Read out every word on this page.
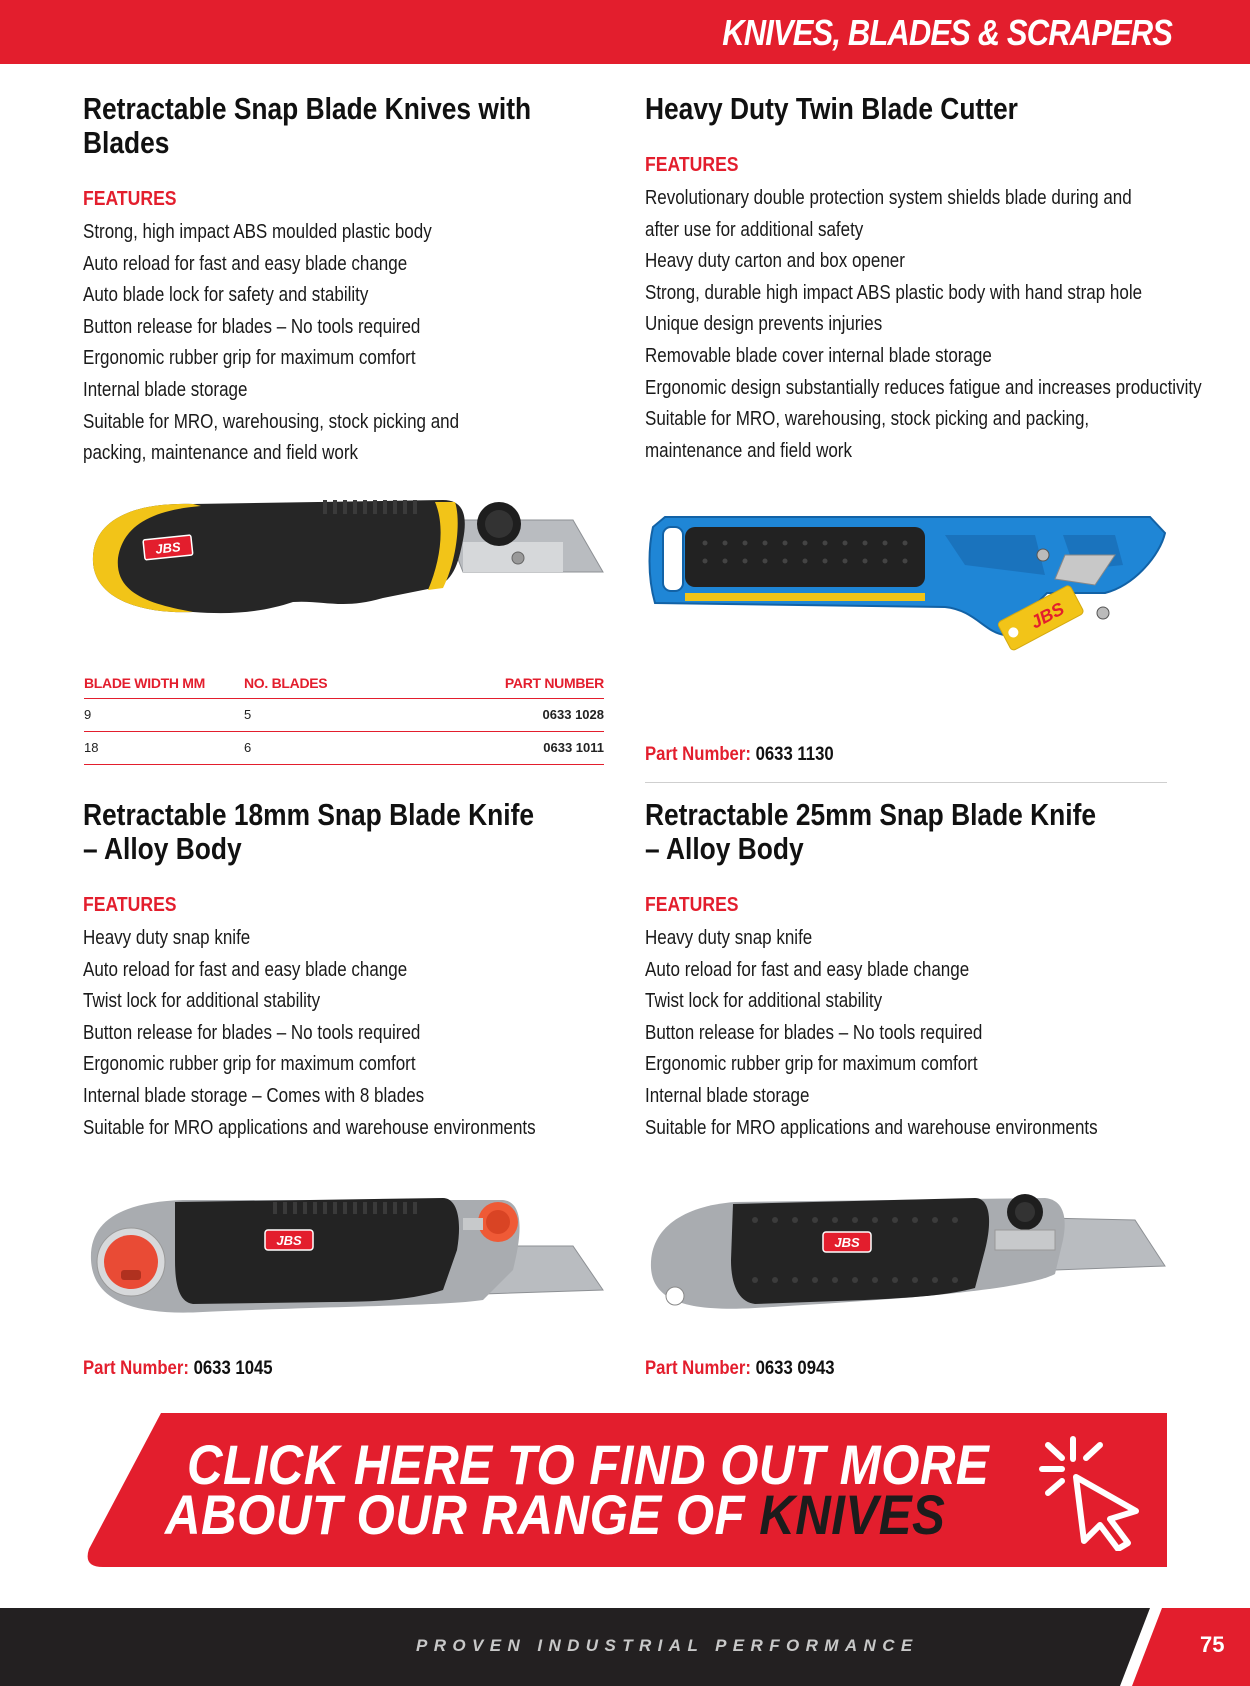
KNIVES, BLADES & SCRAPERS
Retractable Snap Blade Knives with Blades
FEATURES
Strong, high impact ABS moulded plastic body
Auto reload for fast and easy blade change
Auto blade lock for safety and stability
Button release for blades – No tools required
Ergonomic rubber grip for maximum comfort
Internal blade storage
Suitable for MRO, warehousing, stock picking and packing, maintenance and field work
JBS
BLADE WIDTH MM	NO. BLADES	PART NUMBER
9	5	0633 1028
18	6	0633 1011
Heavy Duty Twin Blade Cutter
FEATURES
Revolutionary double protection system shields blade during and after use for additional safety
Heavy duty carton and box opener
Strong, durable high impact ABS plastic body with hand strap hole
Unique design prevents injuries
Removable blade cover internal blade storage
Ergonomic design substantially reduces fatigue and increases productivity
Suitable for MRO, warehousing, stock picking and packing, maintenance and field work
JBS
Part Number: 0633 1130
Retractable 18mm Snap Blade Knife
– Alloy Body
FEATURES
Heavy duty snap knife
Auto reload for fast and easy blade change
Twist lock for additional stability
Button release for blades – No tools required
Ergonomic rubber grip for maximum comfort
Internal blade storage – Comes with 8 blades
Suitable for MRO applications and warehouse environments
JBS
Part Number: 0633 1045
Retractable 25mm Snap Blade Knife
– Alloy Body
FEATURES
Heavy duty snap knife
Auto reload for fast and easy blade change
Twist lock for additional stability
Button release for blades – No tools required
Ergonomic rubber grip for maximum comfort
Internal blade storage
Suitable for MRO applications and warehouse environments
JBS
Part Number: 0633 0943
CLICK HERE TO FIND OUT MORE
ABOUT OUR RANGE OF KNIVES
PROVEN INDUSTRIAL PERFORMANCE	75
